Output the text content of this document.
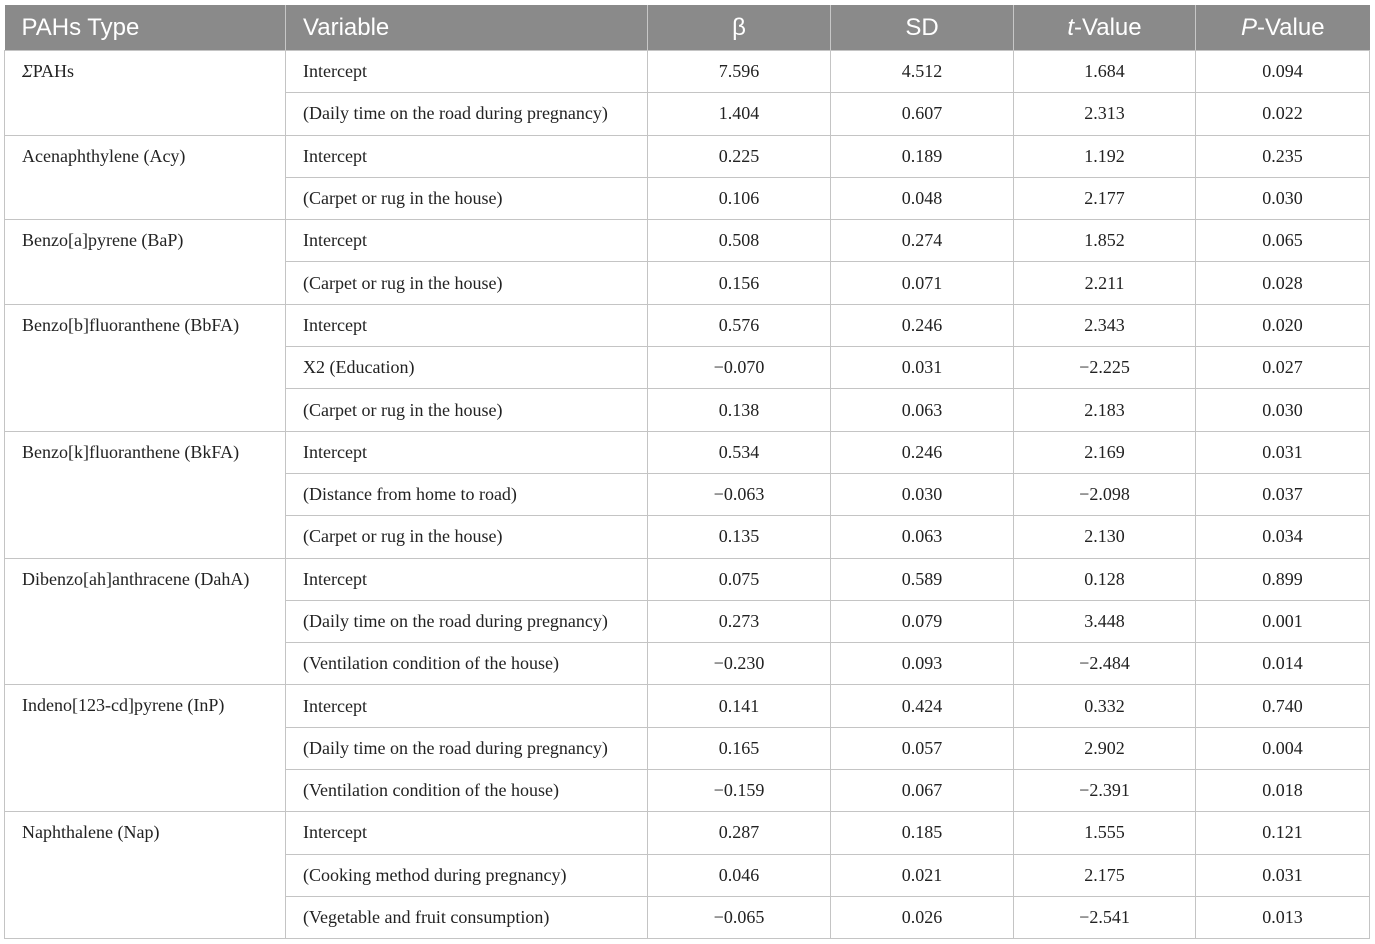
PAHs Type	Variable	β	SD	t-Value	P-Value
ΣPAHs	Intercept	7.596	4.512	1.684	0.094
	(Daily time on the road during pregnancy)	1.404	0.607	2.313	0.022
Acenaphthylene (Acy)	Intercept	0.225	0.189	1.192	0.235
	(Carpet or rug in the house)	0.106	0.048	2.177	0.030
Benzo[a]pyrene (BaP)	Intercept	0.508	0.274	1.852	0.065
	(Carpet or rug in the house)	0.156	0.071	2.211	0.028
Benzo[b]fluoranthene (BbFA)	Intercept	0.576	0.246	2.343	0.020
	X2 (Education)	−0.070	0.031	−2.225	0.027
	(Carpet or rug in the house)	0.138	0.063	2.183	0.030
Benzo[k]fluoranthene (BkFA)	Intercept	0.534	0.246	2.169	0.031
	(Distance from home to road)	−0.063	0.030	−2.098	0.037
	(Carpet or rug in the house)	0.135	0.063	2.130	0.034
Dibenzo[ah]anthracene (DahA)	Intercept	0.075	0.589	0.128	0.899
	(Daily time on the road during pregnancy)	0.273	0.079	3.448	0.001
	(Ventilation condition of the house)	−0.230	0.093	−2.484	0.014
Indeno[123-cd]pyrene (InP)	Intercept	0.141	0.424	0.332	0.740
	(Daily time on the road during pregnancy)	0.165	0.057	2.902	0.004
	(Ventilation condition of the house)	−0.159	0.067	−2.391	0.018
Naphthalene (Nap)	Intercept	0.287	0.185	1.555	0.121
	(Cooking method during pregnancy)	0.046	0.021	2.175	0.031
	(Vegetable and fruit consumption)	−0.065	0.026	−2.541	0.013
